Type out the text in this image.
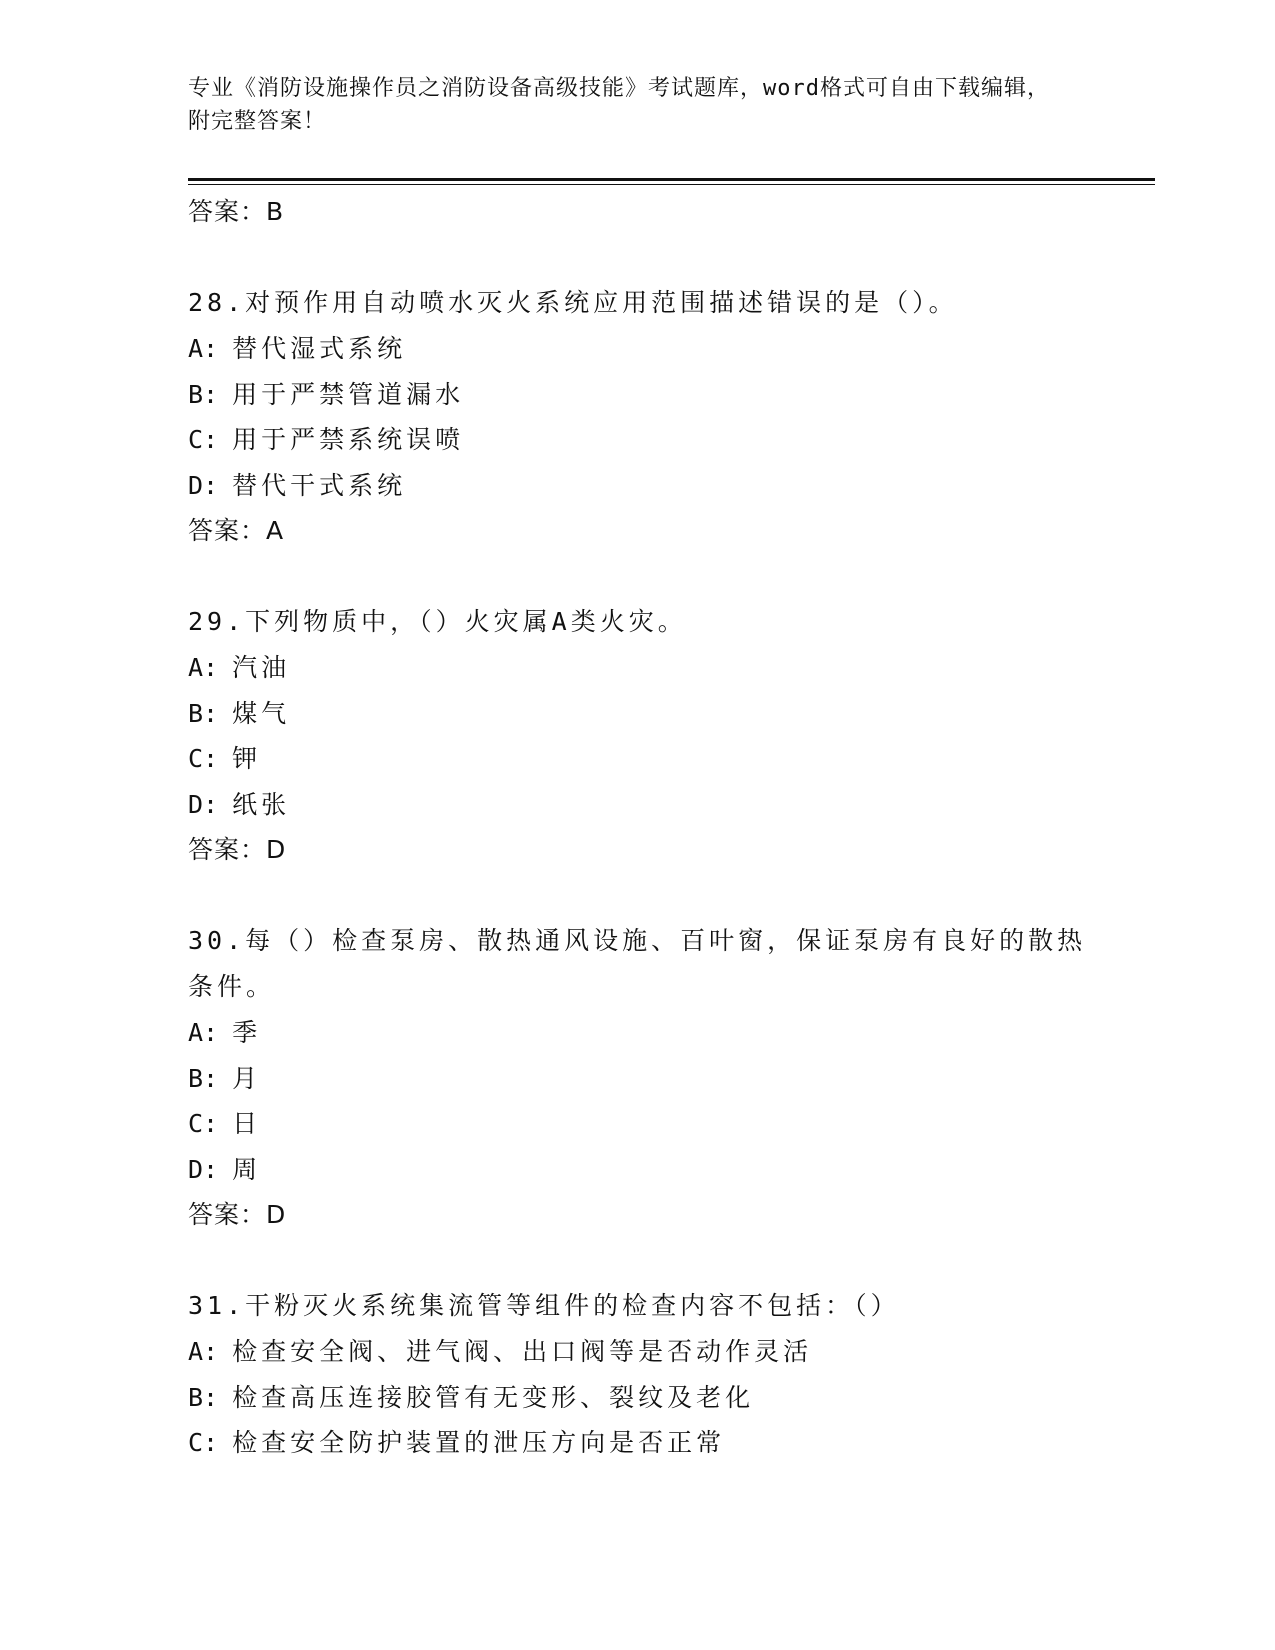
专业《消防设施操作员之消防设备高级技能》考试题库，word格式可自由下载编辑，附完整答案！
答案：B
28.对预作用自动喷水灭火系统应用范围描述错误的是（）。
A: 替代湿式系统
B: 用于严禁管道漏水
C: 用于严禁系统误喷
D: 替代干式系统
答案：A
29.下列物质中，（）火灾属A类火灾。
A: 汽油
B: 煤气
C: 钾
D: 纸张
答案：D
30.每（）检查泵房、散热通风设施、百叶窗，保证泵房有良好的散热条件。
A: 季
B: 月
C: 日
D: 周
答案：D
31.干粉灭火系统集流管等组件的检查内容不包括：（）
A: 检查安全阀、进气阀、出口阀等是否动作灵活
B: 检查高压连接胶管有无变形、裂纹及老化
C: 检查安全防护装置的泄压方向是否正常
